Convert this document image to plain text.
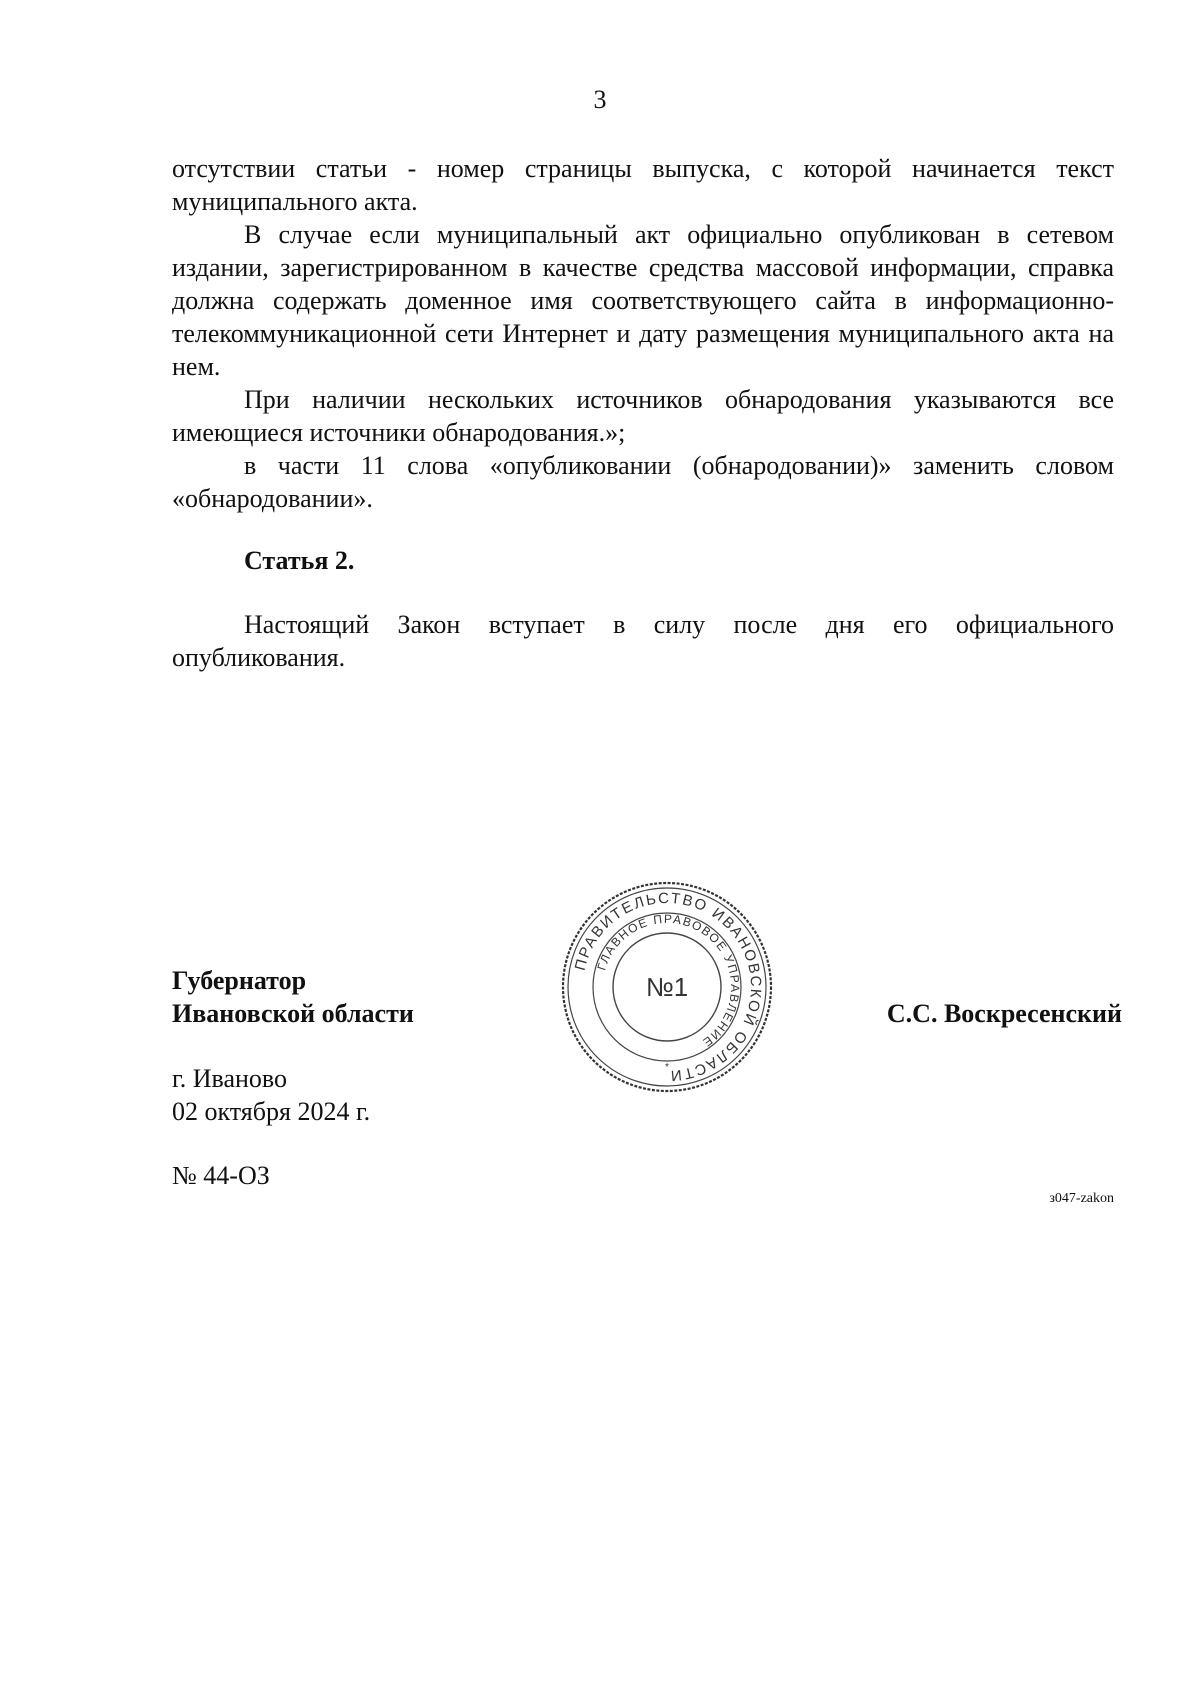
3

отсутствии статьи - номер страницы выпуска, с которой начинается текст муниципального акта.

В случае если муниципальный акт официально опубликован в сетевом издании, зарегистрированном в качестве средства массовой информации, справка должна содержать доменное имя соответствующего сайта в информационно-телекоммуникационной сети Интернет и дату размещения муниципального акта на нем.

При наличии нескольких источников обнародования указываются все имеющиеся источники обнародования.»;

в части 11 слова «опубликовании (обнародовании)» заменить словом «обнародовании».

Статья 2.

Настоящий Закон вступает в силу после дня его официального опубликования.

Губернатор
Ивановской области
ПРАВИТЕЛЬСТВО ИВАНОВСКОЙ ОБЛАСТИ
ГЛАВНОЕ ПРАВОВОЕ УПРАВЛЕНИЕ
№1
*
С.С. Воскресенский
г. Иваново
02 октября 2024 г.
№ 44-ОЗ
з047-zakon
